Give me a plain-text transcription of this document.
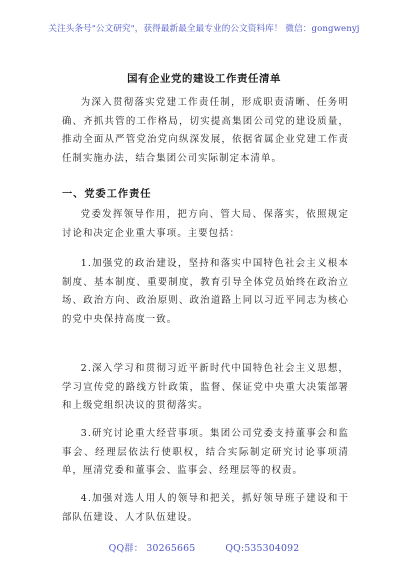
关注头条号"公文研究"，获得最新最全最专业的公文资料库！ 微信：gongwenyj
国有企业党的建设工作责任清单

为深入贯彻落实党建工作责任制，形成职责清晰、任务明确、齐抓共管的工作格局，切实提高集团公司党的建设质量，推动全面从严管党治党向纵深发展，依据省属企业党建工作责任制实施办法，结合集团公司实际制定本清单。

一、党委工作责任

党委发挥领导作用，把方向、管大局、保落实，依照规定讨论和决定企业重大事项。主要包括：

1.加强党的政治建设，坚持和落实中国特色社会主义根本制度、基本制度、重要制度，教育引导全体党员始终在政治立场、政治方向、政治原则、政治道路上同以习近平同志为核心的党中央保持高度一致。

2.深入学习和贯彻习近平新时代中国特色社会主义思想，学习宣传党的路线方针政策，监督、保证党中央重大决策部署和上级党组织决议的贯彻落实。

3.研究讨论重大经营事项。集团公司党委支持董事会和监事会、经理层依法行使职权，结合实际制定研究讨论事项清单，厘清党委和董事会、监事会、经理层等的权责。

4.加强对选人用人的领导和把关，抓好领导班子建设和干部队伍建设、人才队伍建设。

QQ群： 30265665	QQ:535304092
